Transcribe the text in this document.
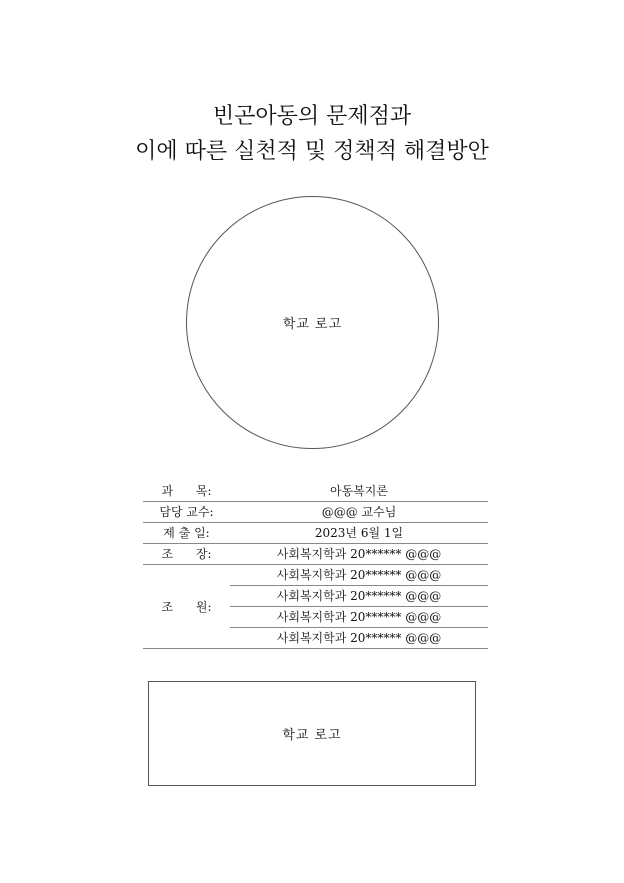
빈곤아동의 문제점과
이에 따른 실천적 및 정책적 해결방안
학교 로고
과      목:	아동복지론
담당 교수:	@@@ 교수님
제 출 일:	2023년 6월 1일
조      장:	사회복지학과 20****** @@@
조      원:	사회복지학과 20****** @@@
	사회복지학과 20****** @@@
	사회복지학과 20****** @@@
	사회복지학과 20****** @@@
학교 로고
